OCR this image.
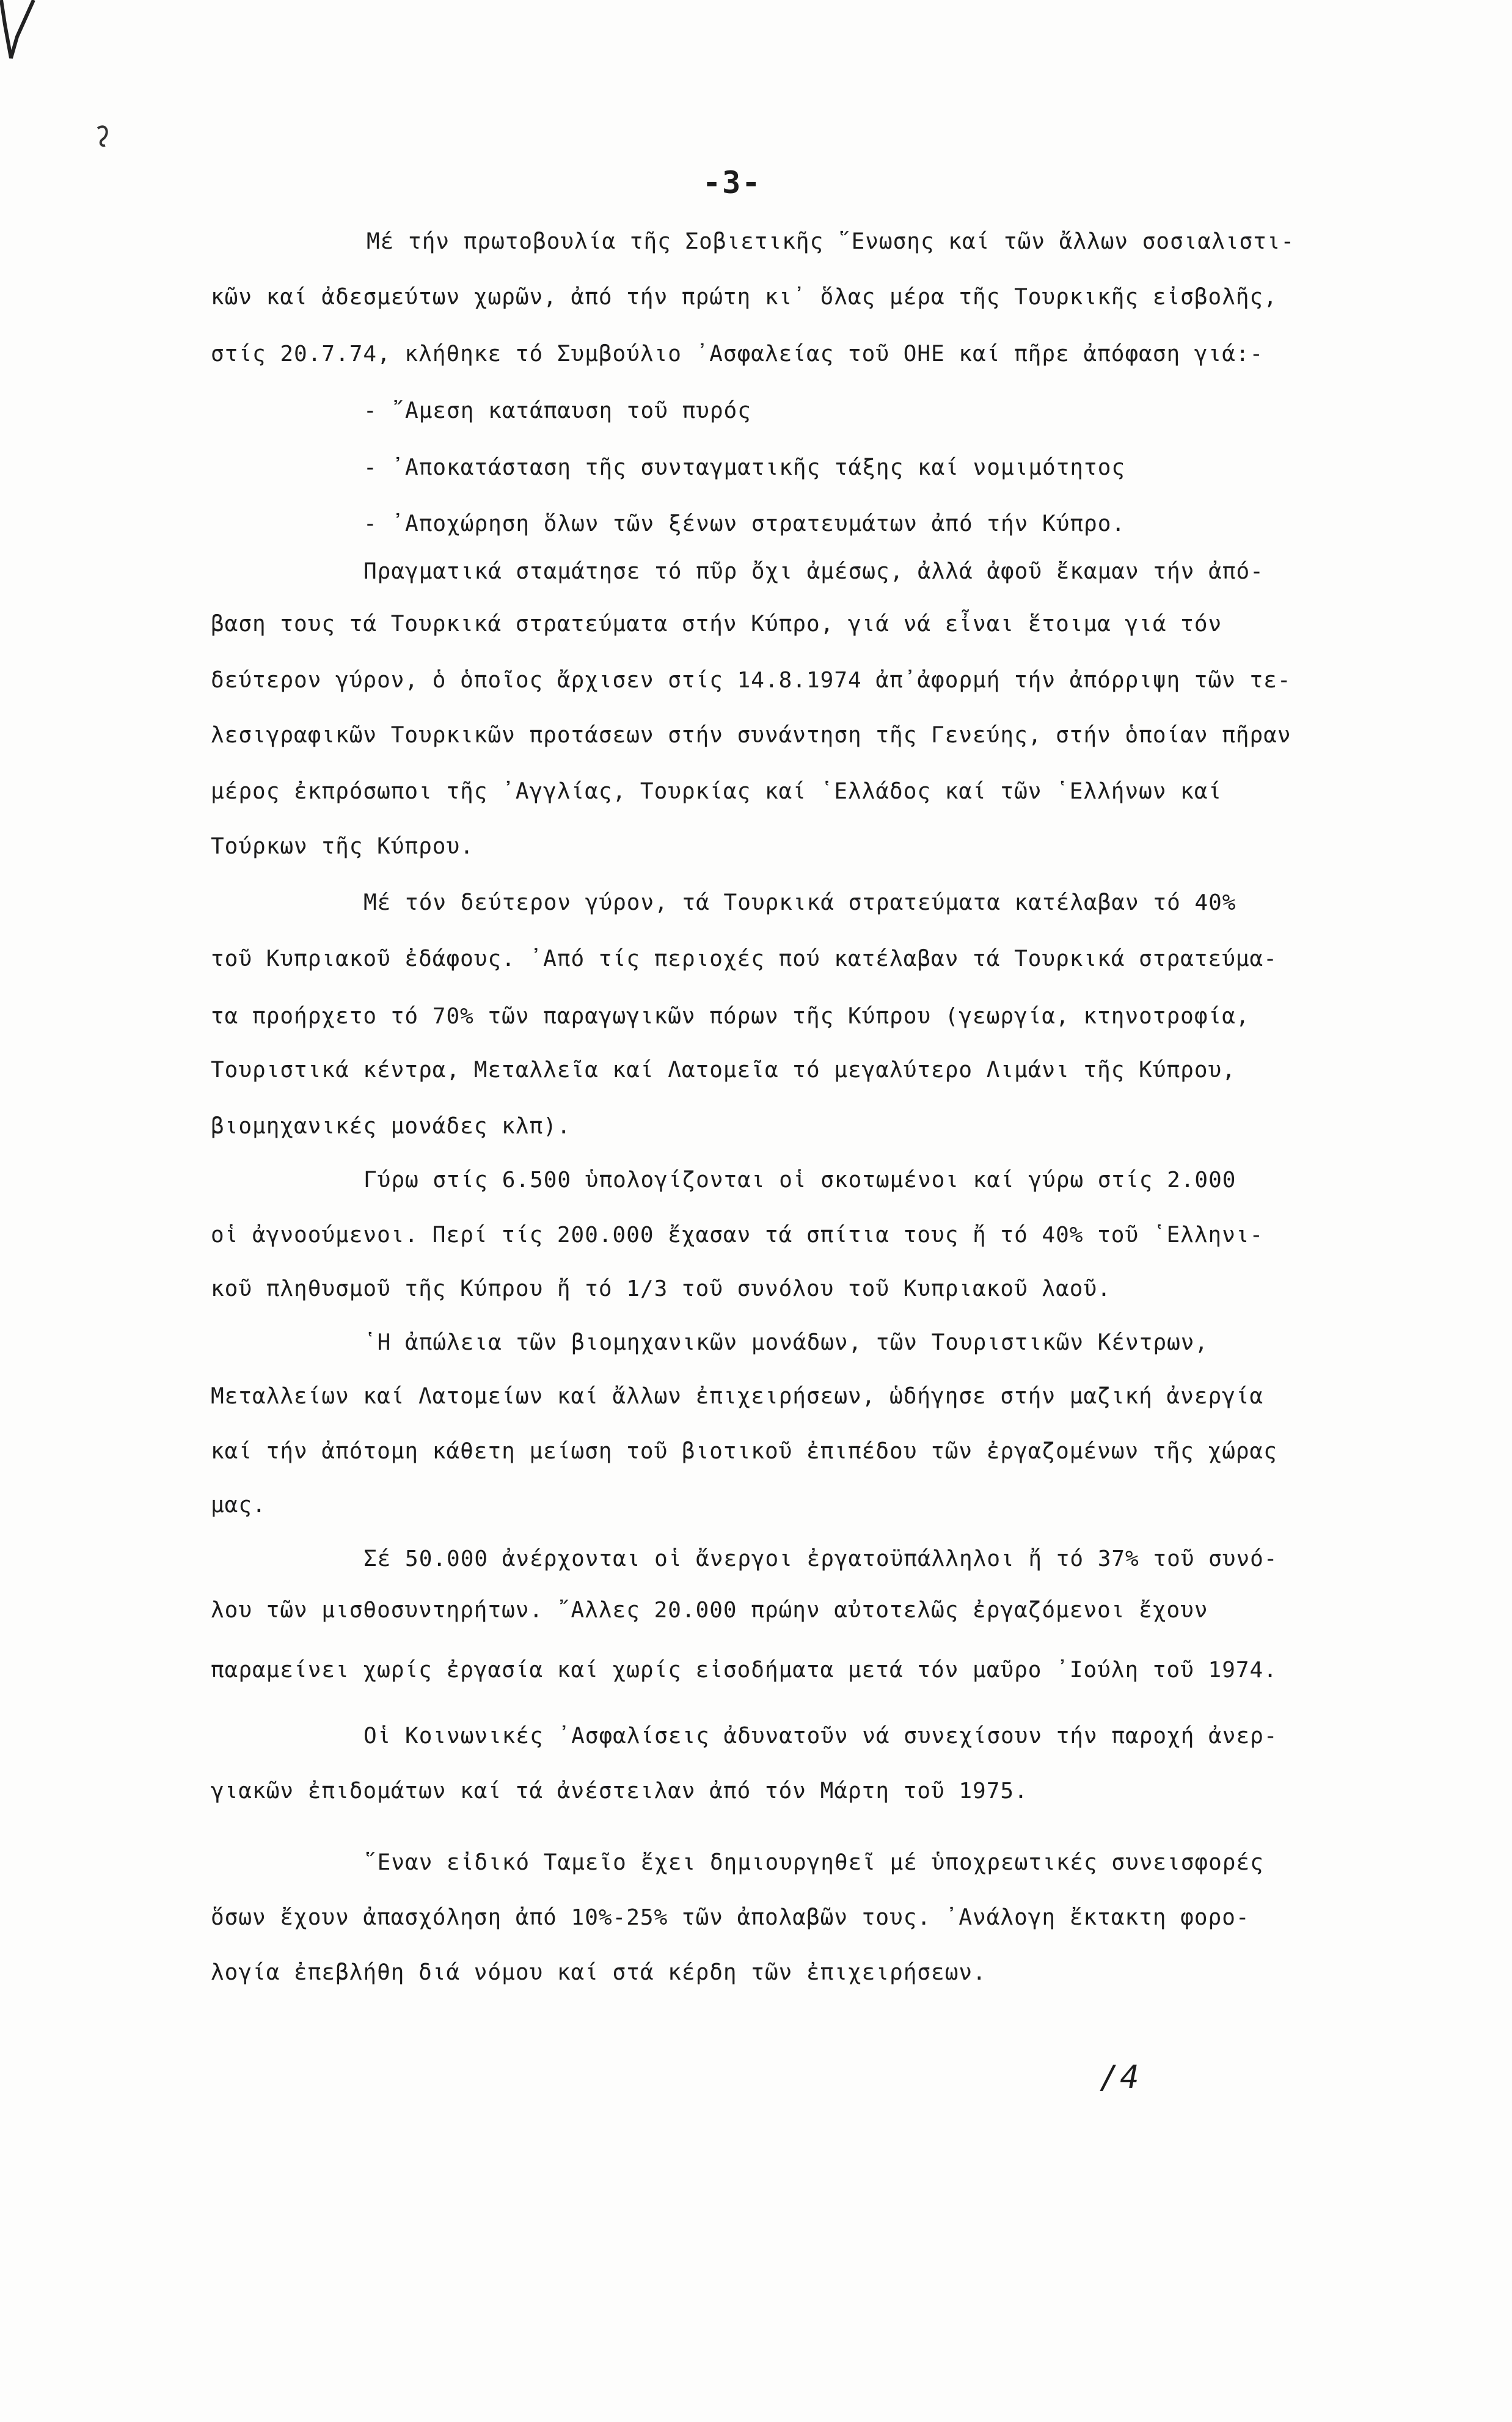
-3-
Μέ τήν πρωτοβουλία τῆς Σοβιετικῆς ῞Ενωσης καί τῶν ἄλλων σοσιαλιστι-
κῶν καί ἀδεσμεύτων χωρῶν, ἀπό τήν πρώτη κι᾽ ὅλας μέρα τῆς Τουρκικῆς εἰσβολῆς,
στίς 20.7.74, κλήθηκε τό Συμβούλιο ᾽Ασφαλείας τοῦ ΟΗΕ καί πῆρε ἀπόφαση γιά:-
- ῎Αμεση κατάπαυση τοῦ πυρός
- ᾽Αποκατάσταση τῆς συνταγματικῆς τάξης καί νομιμότητος
- ᾽Αποχώρηση ὅλων τῶν ξένων στρατευμάτων ἀπό τήν Κύπρο.
Πραγματικά σταμάτησε τό πῦρ ὄχι ἀμέσως, ἀλλά ἀφοῦ ἔκαμαν τήν ἀπό-
βαση τους τά Τουρκικά στρατεύματα στήν Κύπρο, γιά νά εἶναι ἕτοιμα γιά τόν
δεύτερον γύρον, ὁ ὁποῖος ἄρχισεν στίς 14.8.1974 ἀπ᾽ἀφορμή τήν ἀπόρριψη τῶν τε-
λεσιγραφικῶν Τουρκικῶν προτάσεων στήν συνάντηση τῆς Γενεύης, στήν ὁποίαν πῆραν
μέρος ἐκπρόσωποι τῆς ᾽Αγγλίας, Τουρκίας καί ῾Ελλάδος καί τῶν ῾Ελλήνων καί
Τούρκων τῆς Κύπρου.
Μέ τόν δεύτερον γύρον, τά Τουρκικά στρατεύματα κατέλαβαν τό 40%
τοῦ Κυπριακοῦ ἐδάφους. ᾽Από τίς περιοχές πού κατέλαβαν τά Τουρκικά στρατεύμα-
τα προήρχετο τό 70% τῶν παραγωγικῶν πόρων τῆς Κύπρου (γεωργία, κτηνοτροφία,
Τουριστικά κέντρα, Μεταλλεῖα καί Λατομεῖα τό μεγαλύτερο Λιμάνι τῆς Κύπρου,
βιομηχανικές μονάδες κλπ).
Γύρω στίς 6.500 ὑπολογίζονται οἱ σκοτωμένοι καί γύρω στίς 2.000
οἱ ἀγνοούμενοι. Περί τίς 200.000 ἔχασαν τά σπίτια τους ἤ τό 40% τοῦ ῾Ελληνι-
κοῦ πληθυσμοῦ τῆς Κύπρου ἤ τό 1/3 τοῦ συνόλου τοῦ Κυπριακοῦ λαοῦ.
῾Η ἀπώλεια τῶν βιομηχανικῶν μονάδων, τῶν Τουριστικῶν Κέντρων,
Μεταλλείων καί Λατομείων καί ἄλλων ἐπιχειρήσεων, ὡδήγησε στήν μαζική ἀνεργία
καί τήν ἀπότομη κάθετη μείωση τοῦ βιοτικοῦ ἐπιπέδου τῶν ἐργαζομένων τῆς χώρας
μας.
Σέ 50.000 ἀνέρχονται οἱ ἄνεργοι ἐργατοϋπάλληλοι ἤ τό 37% τοῦ συνό-
λου τῶν μισθοσυντηρήτων. ῎Αλλες 20.000 πρώην αὐτοτελῶς ἐργαζόμενοι ἔχουν
παραμείνει χωρίς ἐργασία καί χωρίς εἰσοδήματα μετά τόν μαῦρο ᾽Ιούλη τοῦ 1974.
Οἱ Κοινωνικές ᾽Ασφαλίσεις ἀδυνατοῦν νά συνεχίσουν τήν παροχή ἀνερ-
γιακῶν ἐπιδομάτων καί τά ἀνέστειλαν ἀπό τόν Μάρτη τοῦ 1975.
῞Εναν εἰδικό Ταμεῖο ἔχει δημιουργηθεῖ μέ ὑποχρεωτικές συνεισφορές
ὅσων ἔχουν ἀπασχόληση ἀπό 10%-25% τῶν ἀπολαβῶν τους. ᾽Ανάλογη ἔκτακτη φορο-
λογία ἐπεβλήθη διά νόμου καί στά κέρδη τῶν ἐπιχειρήσεων.
/4
